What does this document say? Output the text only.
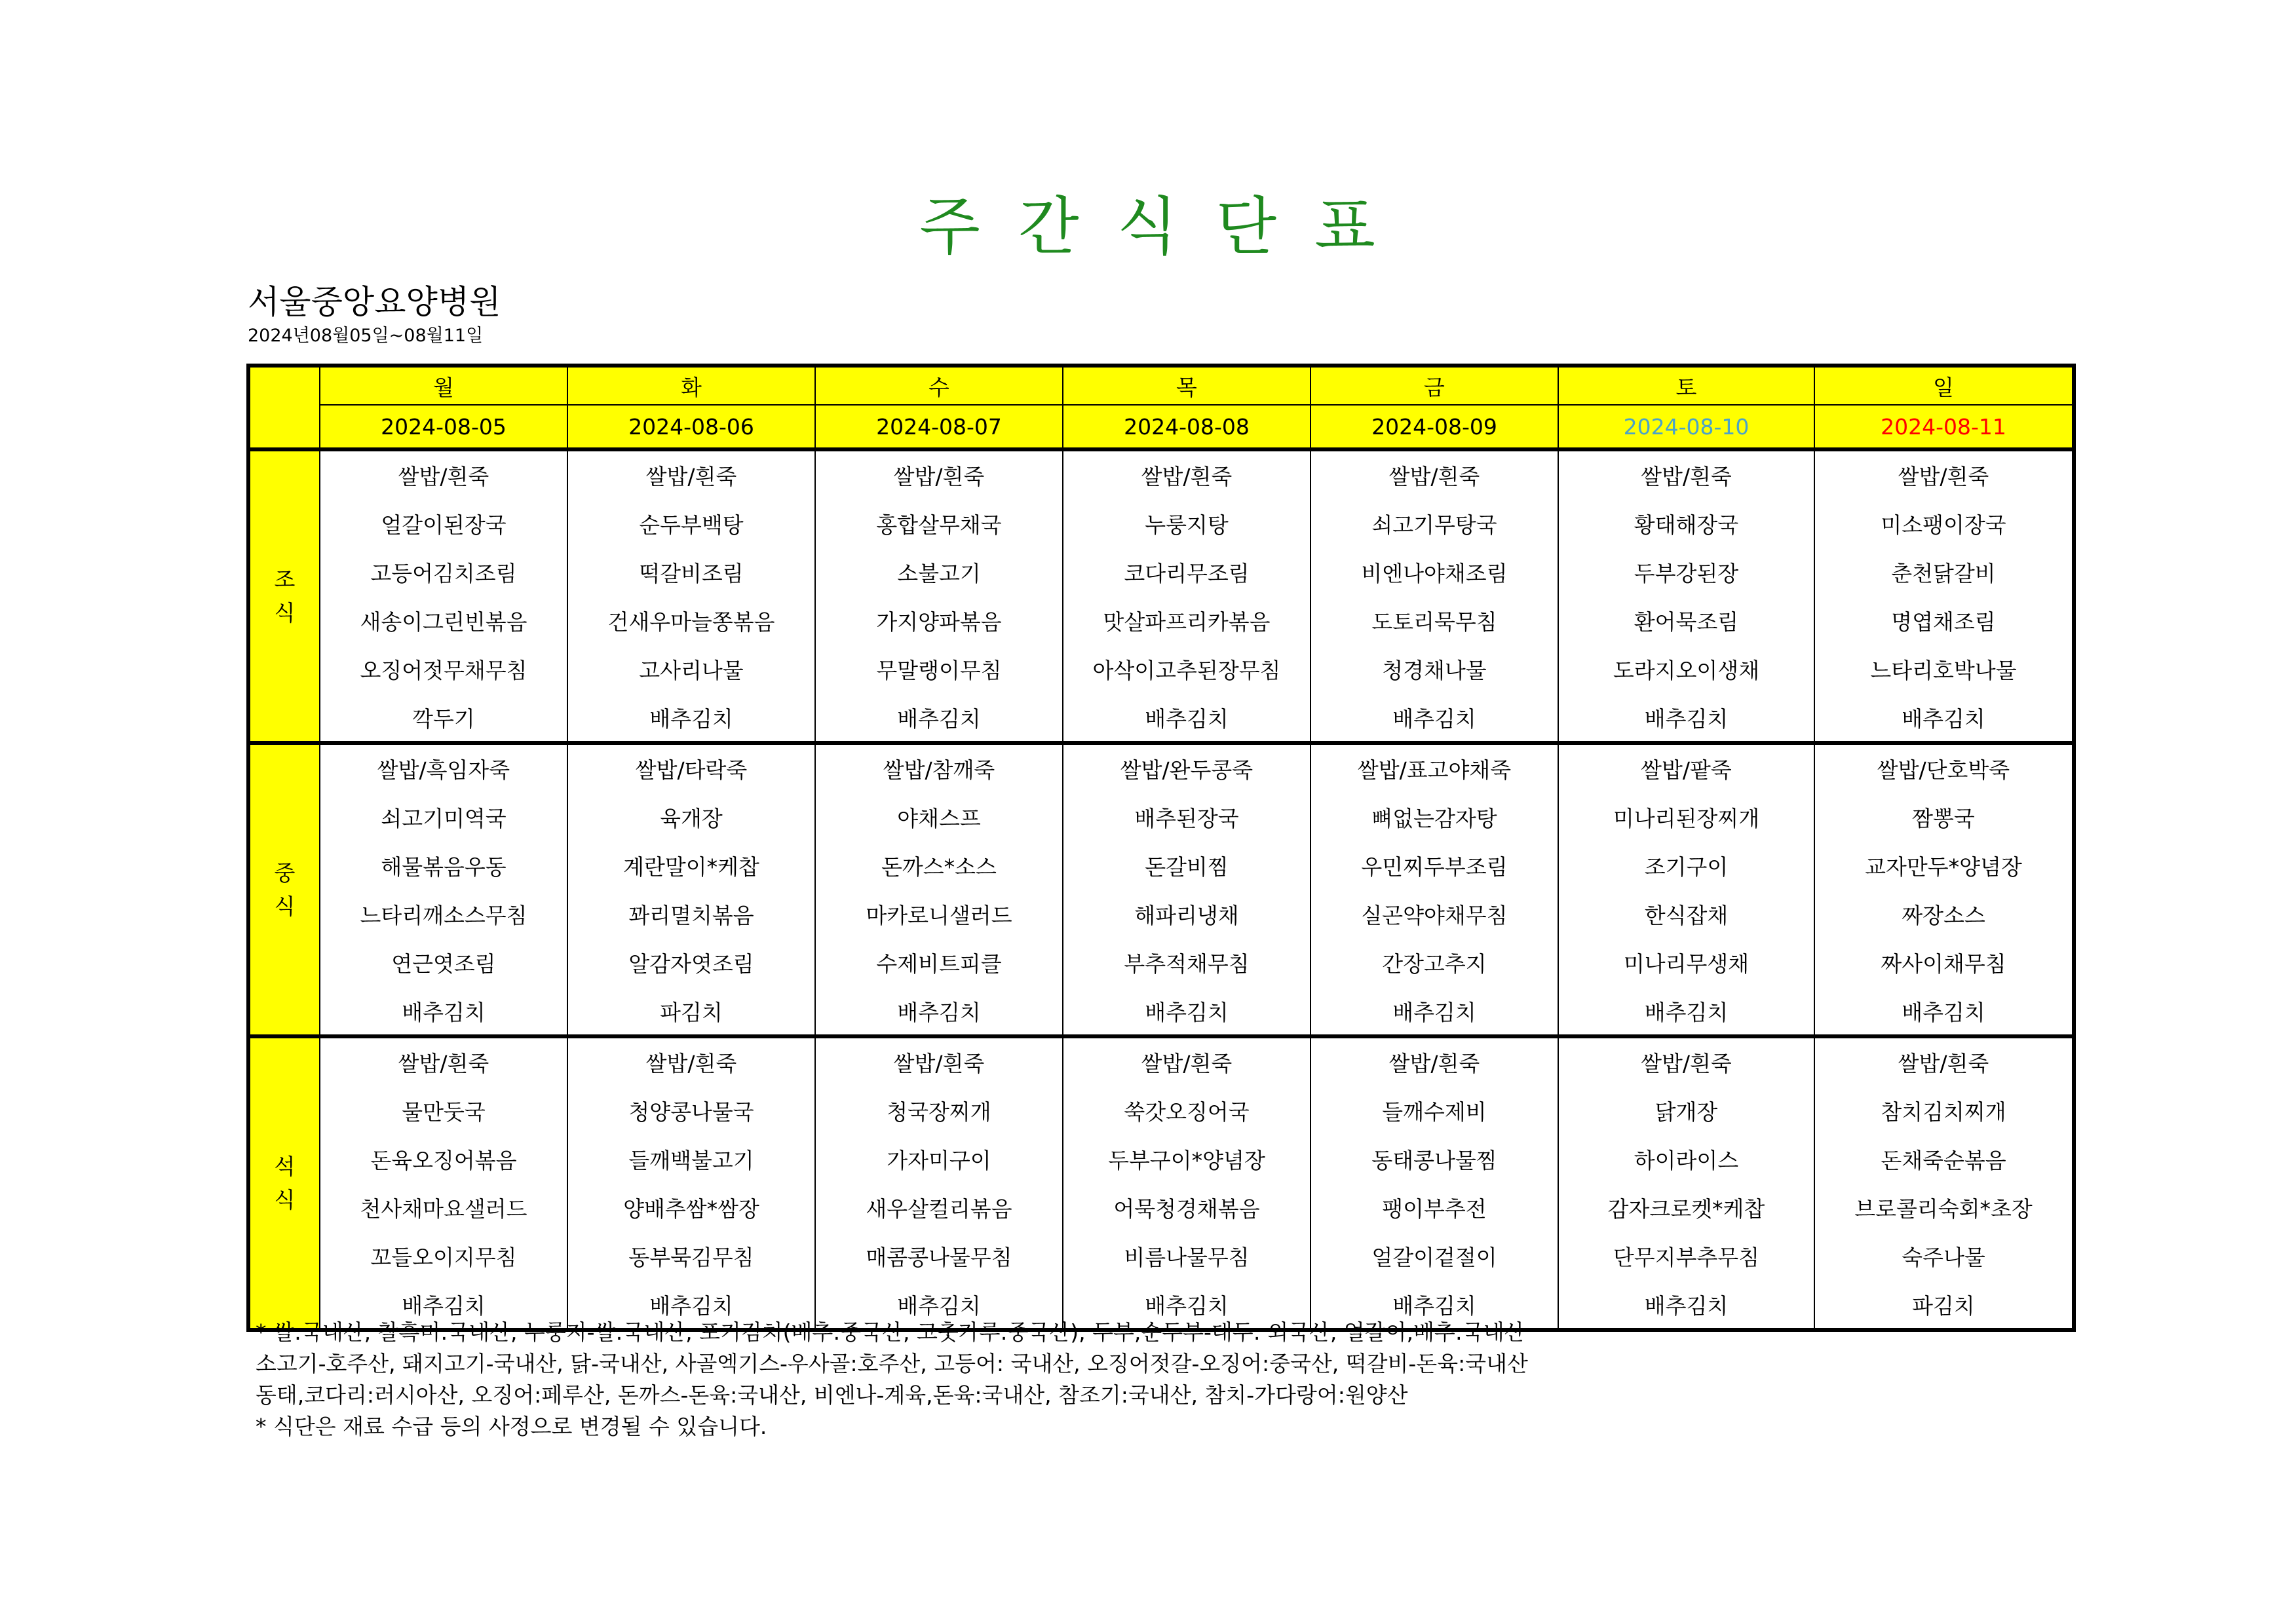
주 간 식 단 표
서울중앙요양병원
2024년08월05일~08월11일
	월	화	수	목	금	토	일
	2024-08-05	2024-08-06	2024-08-07	2024-08-08	2024-08-09	2024-08-10	2024-08-11
조
식	쌀밥/흰죽	쌀밥/흰죽	쌀밥/흰죽	쌀밥/흰죽	쌀밥/흰죽	쌀밥/흰죽	쌀밥/흰죽
	얼갈이된장국	순두부백탕	홍합살무채국	누룽지탕	쇠고기무탕국	황태해장국	미소팽이장국
	고등어김치조림	떡갈비조림	소불고기	코다리무조림	비엔나야채조림	두부강된장	춘천닭갈비
	새송이그린빈볶음	건새우마늘쫑볶음	가지양파볶음	맛살파프리카볶음	도토리묵무침	환어묵조림	명엽채조림
	오징어젓무채무침	고사리나물	무말랭이무침	아삭이고추된장무침	청경채나물	도라지오이생채	느타리호박나물
	깍두기	배추김치	배추김치	배추김치	배추김치	배추김치	배추김치
중
식	쌀밥/흑임자죽	쌀밥/타락죽	쌀밥/참깨죽	쌀밥/완두콩죽	쌀밥/표고야채죽	쌀밥/팥죽	쌀밥/단호박죽
	쇠고기미역국	육개장	야채스프	배추된장국	뼈없는감자탕	미나리된장찌개	짬뽕국
	해물볶음우동	계란말이*케찹	돈까스*소스	돈갈비찜	우민찌두부조림	조기구이	교자만두*양념장
	느타리깨소스무침	꽈리멸치볶음	마카로니샐러드	해파리냉채	실곤약야채무침	한식잡채	짜장소스
	연근엿조림	알감자엿조림	수제비트피클	부추적채무침	간장고추지	미나리무생채	짜사이채무침
	배추김치	파김치	배추김치	배추김치	배추김치	배추김치	배추김치
석
식	쌀밥/흰죽	쌀밥/흰죽	쌀밥/흰죽	쌀밥/흰죽	쌀밥/흰죽	쌀밥/흰죽	쌀밥/흰죽
	물만둣국	청양콩나물국	청국장찌개	쑥갓오징어국	들깨수제비	닭개장	참치김치찌개
	돈육오징어볶음	들깨백불고기	가자미구이	두부구이*양념장	동태콩나물찜	하이라이스	돈채죽순볶음
	천사채마요샐러드	양배추쌈*쌈장	새우살컬리볶음	어묵청경채볶음	팽이부추전	감자크로켓*케찹	브로콜리숙회*초장
	꼬들오이지무침	동부묵김무침	매콤콩나물무침	비름나물무침	얼갈이겉절이	단무지부추무침	숙주나물
	배추김치	배추김치	배추김치	배추김치	배추김치	배추김치	파김치
* 쌀:국내산, 찰흑미:국내산, 누룽지-쌀:국내산, 포기김치(배추:중국산, 고춧가루:중국산), 두부,순두부-대두: 외국산, 얼갈이,배추:국내산
소고기-호주산, 돼지고기-국내산, 닭-국내산, 사골엑기스-우사골:호주산, 고등어: 국내산, 오징어젓갈-오징어:중국산, 떡갈비-돈육:국내산
동태,코다리:러시아산, 오징어:페루산, 돈까스-돈육:국내산, 비엔나-계육,돈육:국내산, 참조기:국내산, 참치-가다랑어:원양산
* 식단은 재료 수급 등의 사정으로 변경될 수 있습니다.
